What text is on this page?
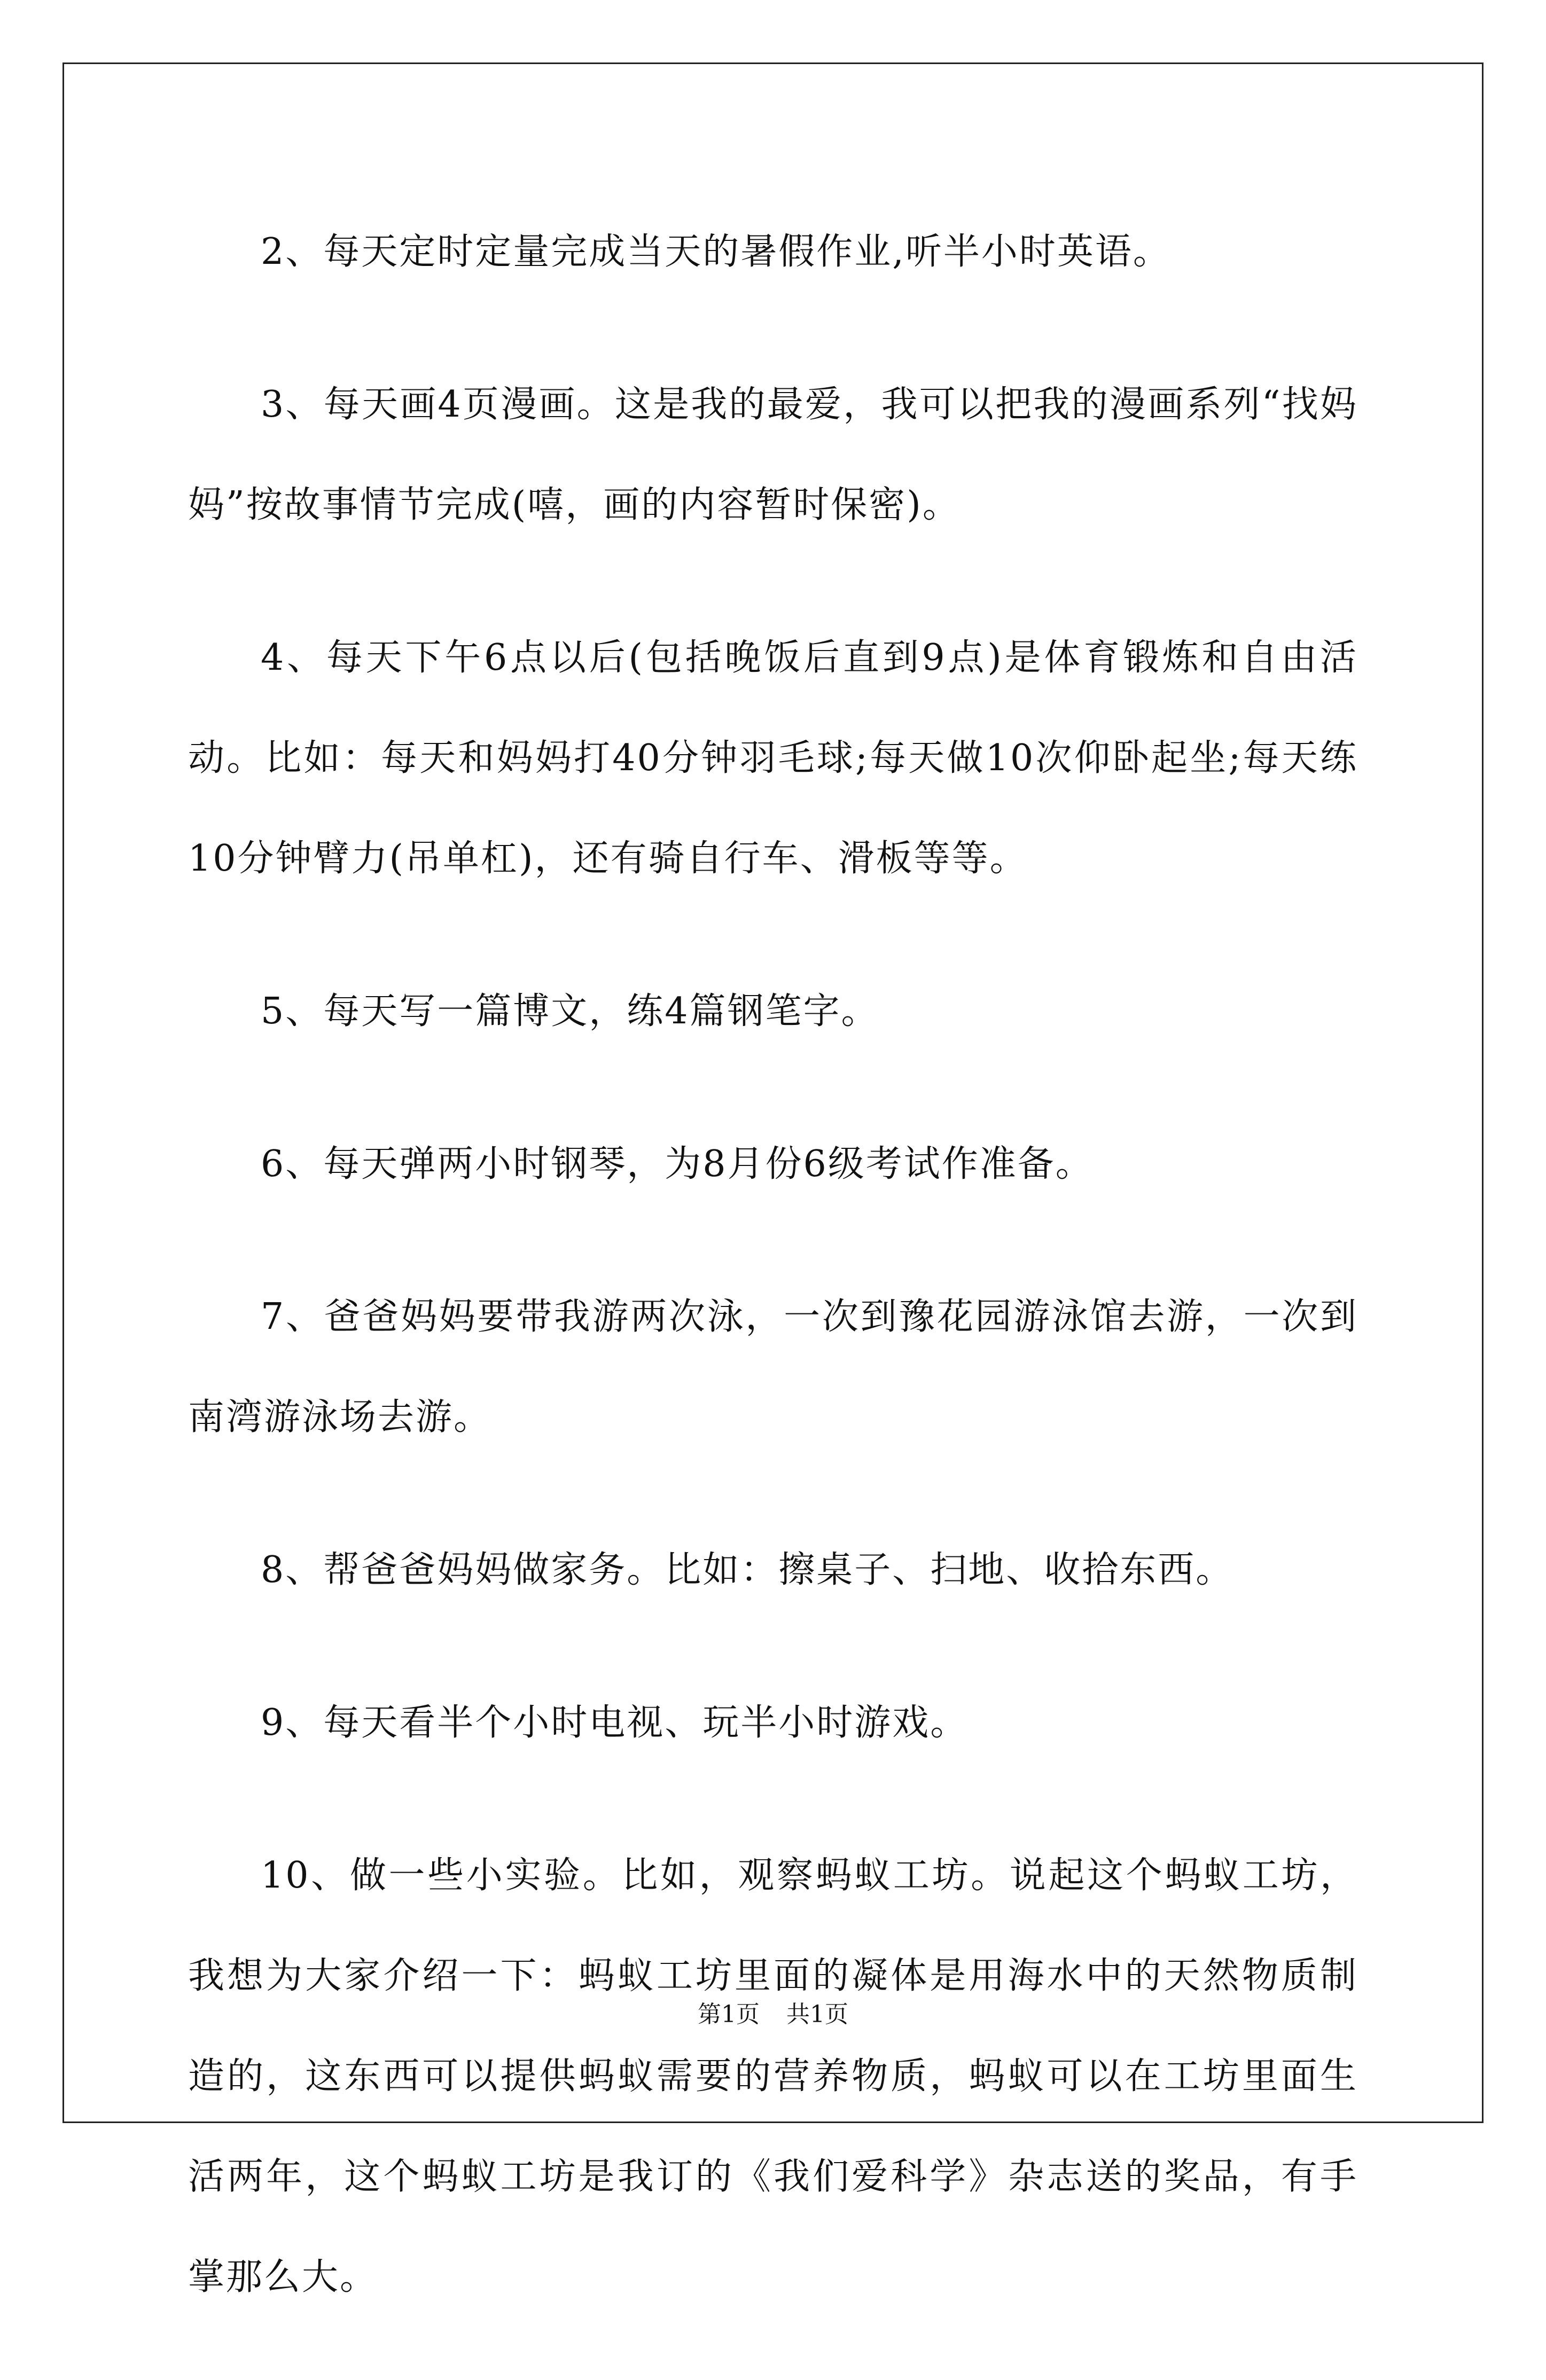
2、每天定时定量完成当天的暑假作业,听半小时英语。

3、每天画4页漫画。这是我的最爱，我可以把我的漫画系列“找妈妈”按故事情节完成(嘻，画的内容暂时保密)。

4、每天下午6点以后(包括晚饭后直到9点)是体育锻炼和自由活动。比如：每天和妈妈打40分钟羽毛球;每天做10次仰卧起坐;每天练10分钟臂力(吊单杠)，还有骑自行车、滑板等等。

5、每天写一篇博文，练4篇钢笔字。

6、每天弹两小时钢琴，为8月份6级考试作准备。

7、爸爸妈妈要带我游两次泳，一次到豫花园游泳馆去游，一次到南湾游泳场去游。

8、帮爸爸妈妈做家务。比如：擦桌子、扫地、收拾东西。

9、每天看半个小时电视、玩半小时游戏。

10、做一些小实验。比如，观察蚂蚁工坊。说起这个蚂蚁工坊，我想为大家介绍一下：蚂蚁工坊里面的凝体是用海水中的天然物质制造的，这东西可以提供蚂蚁需要的营养物质，蚂蚁可以在工坊里面生活两年，这个蚂蚁工坊是我订的《我们爱科学》杂志送的奖品，有手掌那么大。

第1页 共1页
